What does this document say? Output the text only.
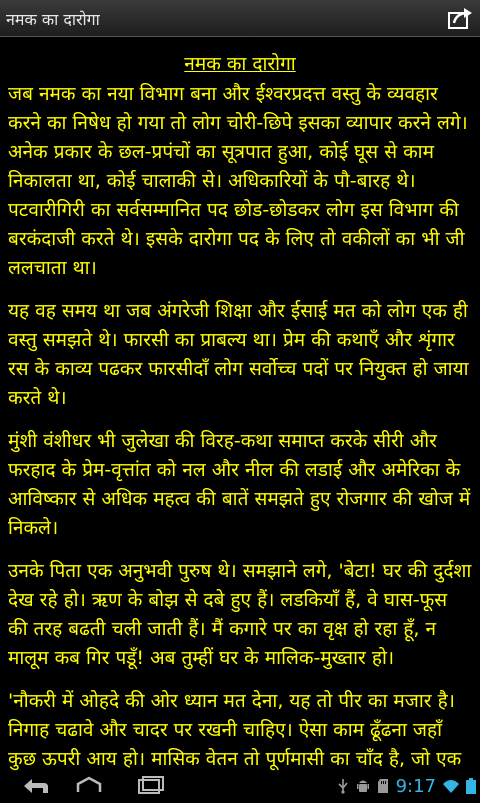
नमक का दारोगा
नमक का दारोगा

जब नमक का नया विभाग बना और ईश्वरप्रदत्त वस्तु के व्यवहार करने का निषेध हो गया तो लोग चोरी-छिपे इसका व्यापार करने लगे। अनेक प्रकार के छल-प्रपंचों का सूत्रपात हुआ, कोई घूस से काम निकालता था, कोई चालाकी से। अधिकारियों के पौ-बारह थे। पटवारीगिरी का सर्वसम्मानित पद छोड-छोडकर लोग इस विभाग की बरकंदाजी करते थे। इसके दारोगा पद के लिए तो वकीलों का भी जी ललचाता था।

यह वह समय था जब अंगरेजी शिक्षा और ईसाई मत को लोग एक ही वस्तु समझते थे। फारसी का प्राबल्य था। प्रेम की कथाएँ और शृंगार रस के काव्य पढकर फारसीदाँ लोग सर्वोच्च पदों पर नियुक्त हो जाया करते थे।

मुंशी वंशीधर भी जुलेखा की विरह-कथा समाप्त करके सीरी और फरहाद के प्रेम-वृत्तांत को नल और नील की लडाई और अमेरिका के आविष्कार से अधिक महत्व की बातें समझते हुए रोजगार की खोज में निकले।

उनके पिता एक अनुभवी पुरुष थे। समझाने लगे, 'बेटा! घर की दुर्दशा देख रहे हो। ऋण के बोझ से दबे हुए हैं। लडकियाँ हैं, वे घास-फूस की तरह बढती चली जाती हैं। मैं कगारे पर का वृक्ष हो रहा हूँ, न मालूम कब गिर पडूँ! अब तुम्हीं घर के मालिक-मुख्तार हो।

'नौकरी में ओहदे की ओर ध्यान मत देना, यह तो पीर का मजार है। निगाह चढावे और चादर पर रखनी चाहिए। ऐसा काम ढूँढना जहाँ कुछ ऊपरी आय हो। मासिक वेतन तो पूर्णमासी का चाँद है, जो एक

9:17
